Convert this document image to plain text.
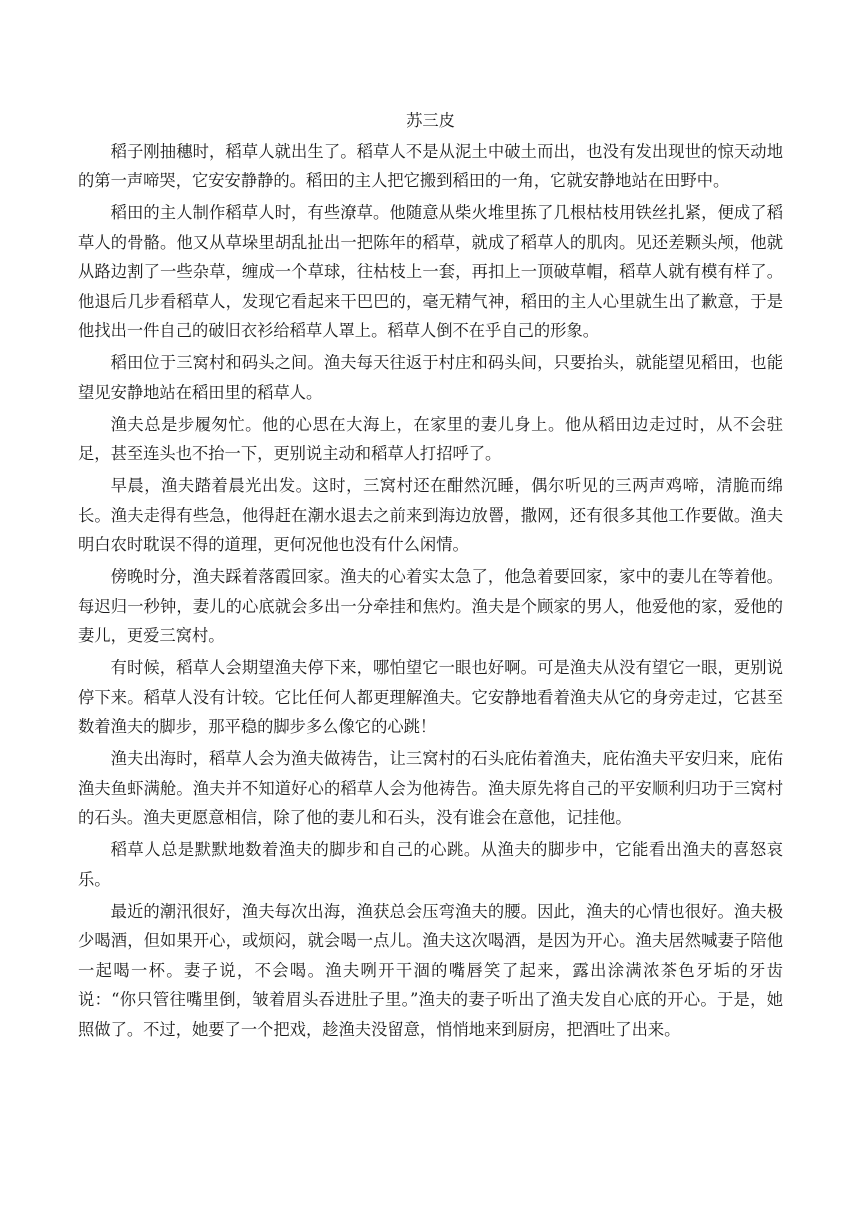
苏三皮

稻子刚抽穗时，稻草人就出生了。稻草人不是从泥土中破土而出，也没有发出现世的惊天动地的第一声啼哭，它安安静静的。稻田的主人把它搬到稻田的一角，它就安静地站在田野中。

稻田的主人制作稻草人时，有些潦草。他随意从柴火堆里拣了几根枯枝用铁丝扎紧，便成了稻草人的骨骼。他又从草垛里胡乱扯出一把陈年的稻草，就成了稻草人的肌肉。见还差颗头颅，他就从路边割了一些杂草，缠成一个草球，往枯枝上一套，再扣上一顶破草帽，稻草人就有模有样了。他退后几步看稻草人，发现它看起来干巴巴的，毫无精气神，稻田的主人心里就生出了歉意，于是他找出一件自己的破旧衣衫给稻草人罩上。稻草人倒不在乎自己的形象。

稻田位于三窝村和码头之间。渔夫每天往返于村庄和码头间，只要抬头，就能望见稻田，也能望见安静地站在稻田里的稻草人。

渔夫总是步履匆忙。他的心思在大海上，在家里的妻儿身上。他从稻田边走过时，从不会驻足，甚至连头也不抬一下，更别说主动和稻草人打招呼了。

早晨，渔夫踏着晨光出发。这时，三窝村还在酣然沉睡，偶尔听见的三两声鸡啼，清脆而绵长。渔夫走得有些急，他得赶在潮水退去之前来到海边放罾，撒网，还有很多其他工作要做。渔夫明白农时耽误不得的道理，更何况他也没有什么闲情。

傍晚时分，渔夫踩着落霞回家。渔夫的心着实太急了，他急着要回家，家中的妻儿在等着他。每迟归一秒钟，妻儿的心底就会多出一分牵挂和焦灼。渔夫是个顾家的男人，他爱他的家，爱他的妻儿，更爱三窝村。

有时候，稻草人会期望渔夫停下来，哪怕望它一眼也好啊。可是渔夫从没有望它一眼，更别说停下来。稻草人没有计较。它比任何人都更理解渔夫。它安静地看着渔夫从它的身旁走过，它甚至数着渔夫的脚步，那平稳的脚步多么像它的心跳！

渔夫出海时，稻草人会为渔夫做祷告，让三窝村的石头庇佑着渔夫，庇佑渔夫平安归来，庇佑渔夫鱼虾满舱。渔夫并不知道好心的稻草人会为他祷告。渔夫原先将自己的平安顺利归功于三窝村的石头。渔夫更愿意相信，除了他的妻儿和石头，没有谁会在意他，记挂他。

稻草人总是默默地数着渔夫的脚步和自己的心跳。从渔夫的脚步中，它能看出渔夫的喜怒哀乐。

最近的潮汛很好，渔夫每次出海，渔获总会压弯渔夫的腰。因此，渔夫的心情也很好。渔夫极少喝酒，但如果开心，或烦闷，就会喝一点儿。渔夫这次喝酒，是因为开心。渔夫居然喊妻子陪他一起喝一杯。妻子说，不会喝。渔夫咧开干涸的嘴唇笑了起来，露出涂满浓茶色牙垢的牙齿说：“你只管往嘴里倒，皱着眉头吞进肚子里。”渔夫的妻子听出了渔夫发自心底的开心。于是，她照做了。不过，她要了一个把戏，趁渔夫没留意，悄悄地来到厨房，把酒吐了出来。
